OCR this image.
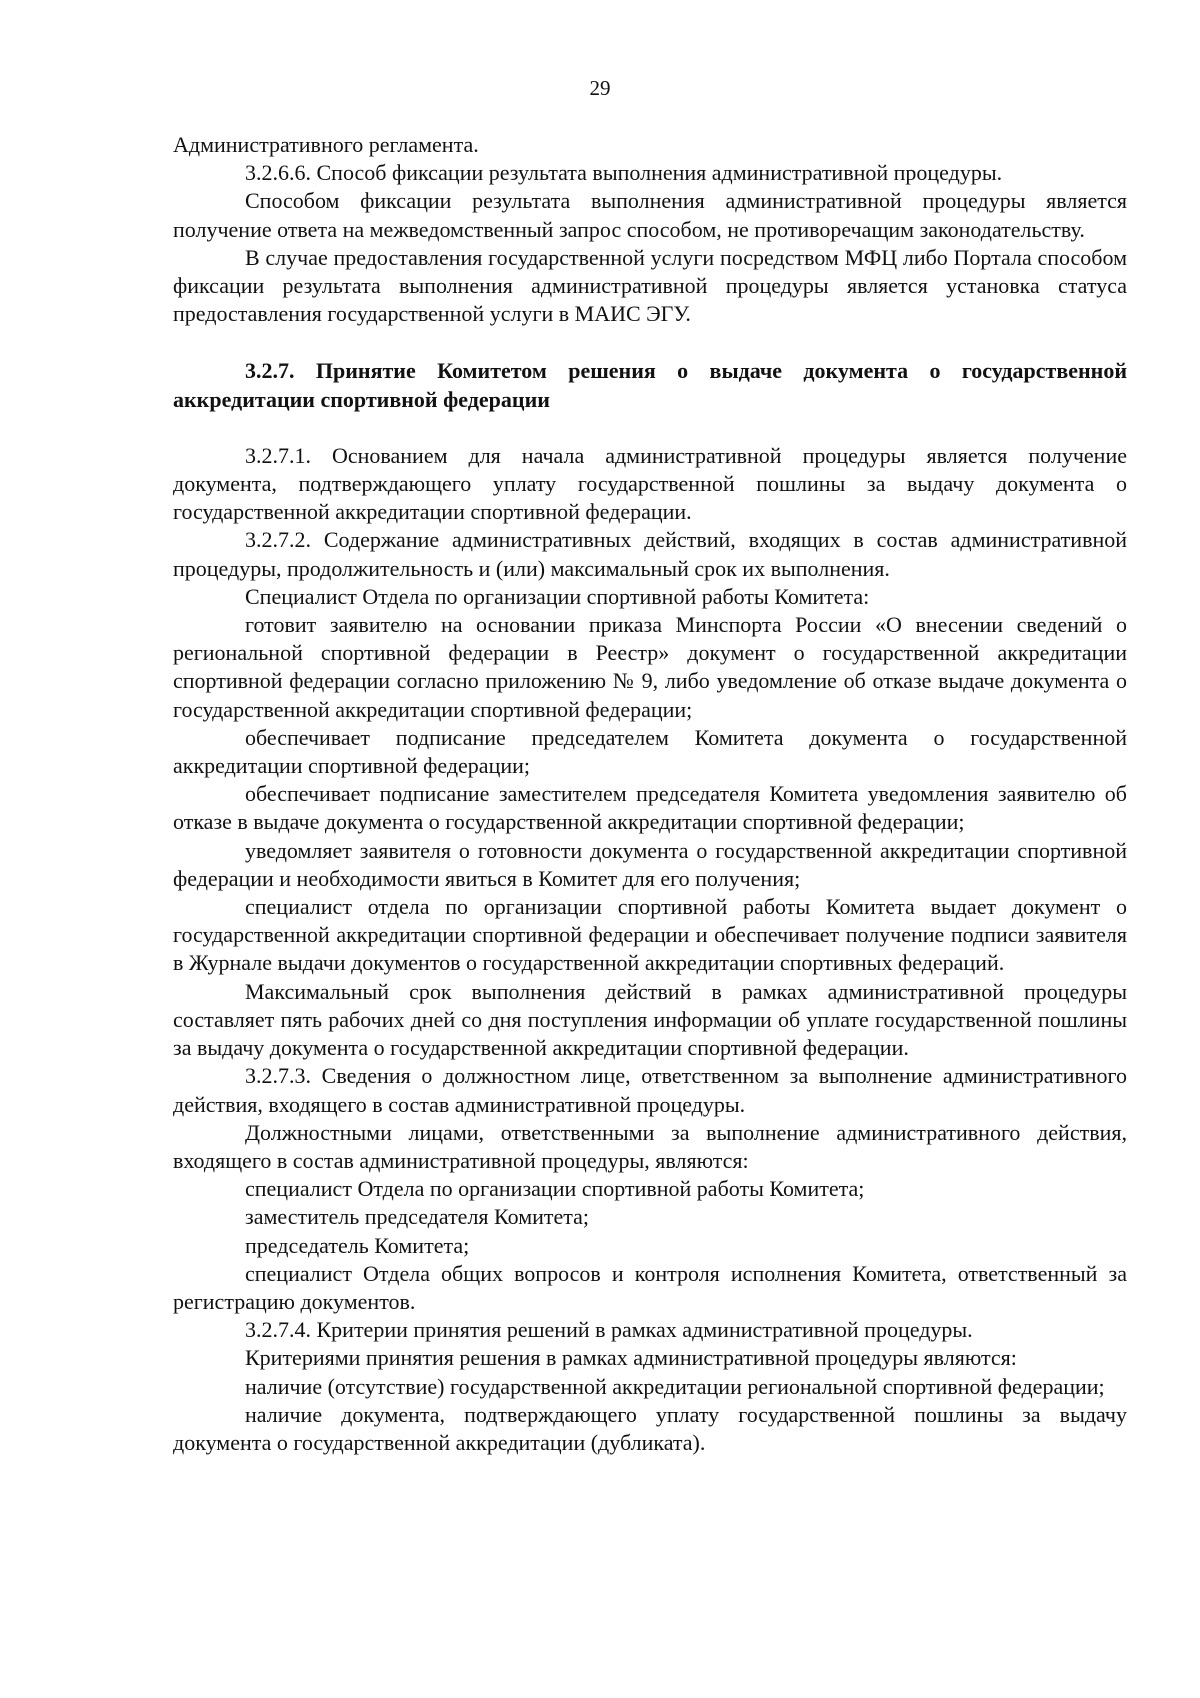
29

Административного регламента.

3.2.6.6. Способ фиксации результата выполнения административной процедуры.

Способом фиксации результата выполнения административной процедуры является получение ответа на межведомственный запрос способом, не противоречащим законодательству.

В случае предоставления государственной услуги посредством МФЦ либо Портала способом фиксации результата выполнения административной процедуры является установка статуса предоставления государственной услуги в МАИС ЭГУ.

3.2.7. Принятие Комитетом решения о выдаче документа о государственной аккредитации спортивной федерации

3.2.7.1. Основанием для начала административной процедуры является получение документа, подтверждающего уплату государственной пошлины за выдачу документа о государственной аккредитации спортивной федерации.

3.2.7.2. Содержание административных действий, входящих в состав административной процедуры, продолжительность и (или) максимальный срок их выполнения.

Специалист Отдела по организации спортивной работы Комитета:

готовит заявителю на основании приказа Минспорта России «О внесении сведений о региональной спортивной федерации в Реестр» документ о государственной аккредитации спортивной федерации согласно приложению № 9, либо уведомление об отказе выдаче документа о государственной аккредитации спортивной федерации;

обеспечивает подписание председателем Комитета документа о государственной аккредитации спортивной федерации;

обеспечивает подписание заместителем председателя Комитета уведомления заявителю об отказе в выдаче документа о государственной аккредитации спортивной федерации;

уведомляет заявителя о готовности документа о государственной аккредитации спортивной федерации и необходимости явиться в Комитет для его получения;

специалист отдела по организации спортивной работы Комитета выдает документ о государственной аккредитации спортивной федерации и обеспечивает получение подписи заявителя в Журнале выдачи документов о государственной аккредитации спортивных федераций.

Максимальный срок выполнения действий в рамках административной процедуры составляет пять рабочих дней со дня поступления информации об уплате государственной пошлины за выдачу документа о государственной аккредитации спортивной федерации.

3.2.7.3. Сведения о должностном лице, ответственном за выполнение административного действия, входящего в состав административной процедуры.

Должностными лицами, ответственными за выполнение административного действия, входящего в состав административной процедуры, являются:

специалист Отдела по организации спортивной работы Комитета;

заместитель председателя Комитета;

председатель Комитета;

специалист Отдела общих вопросов и контроля исполнения Комитета, ответственный за регистрацию документов.

3.2.7.4. Критерии принятия решений в рамках административной процедуры.

Критериями принятия решения в рамках административной процедуры являются:

наличие (отсутствие) государственной аккредитации региональной спортивной федерации;

наличие документа, подтверждающего уплату государственной пошлины за выдачу документа о государственной аккредитации (дубликата).
